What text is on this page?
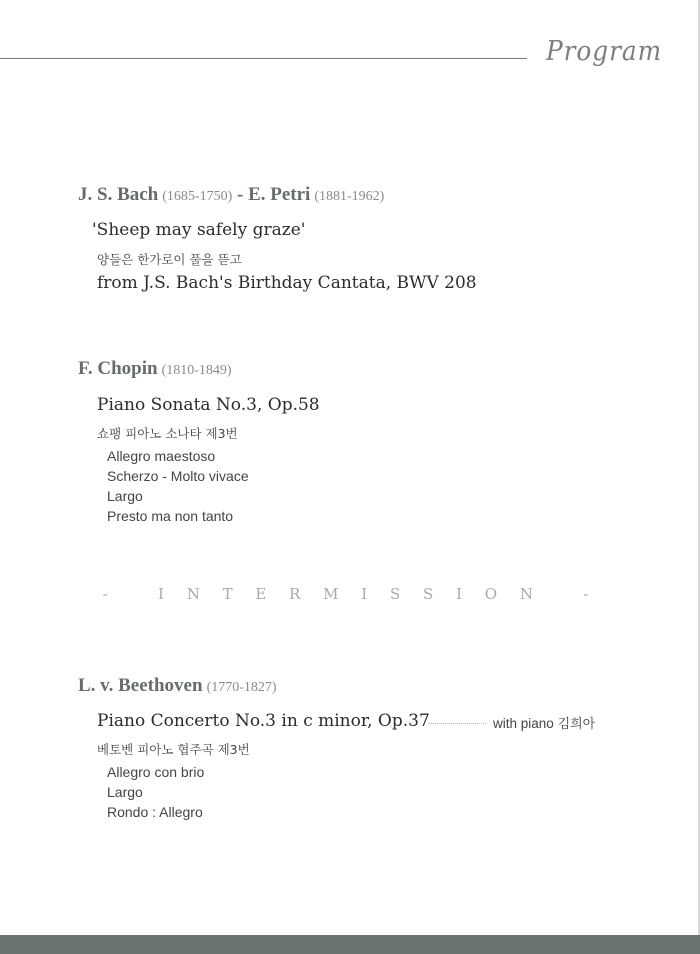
Program
J. S. Bach (1685-1750) - E. Petri (1881-1962)
'Sheep may safely graze'
양들은 한가로이 풀을 뜯고
from J.S. Bach's Birthday Cantata, BWV 208
F. Chopin (1810-1849)
Piano Sonata No.3, Op.58
쇼팽 피아노 소나타 제3번
Allegro maestoso
Scherzo - Molto vivace
Largo
Presto ma non tanto
-   I N T E R M I S S I O N   -
L. v. Beethoven (1770-1827)
Piano Concerto No.3 in c minor, Op.37	with piano 김희아
베토벤 피아노 협주곡 제3번
Allegro con brio
Largo
Rondo : Allegro
